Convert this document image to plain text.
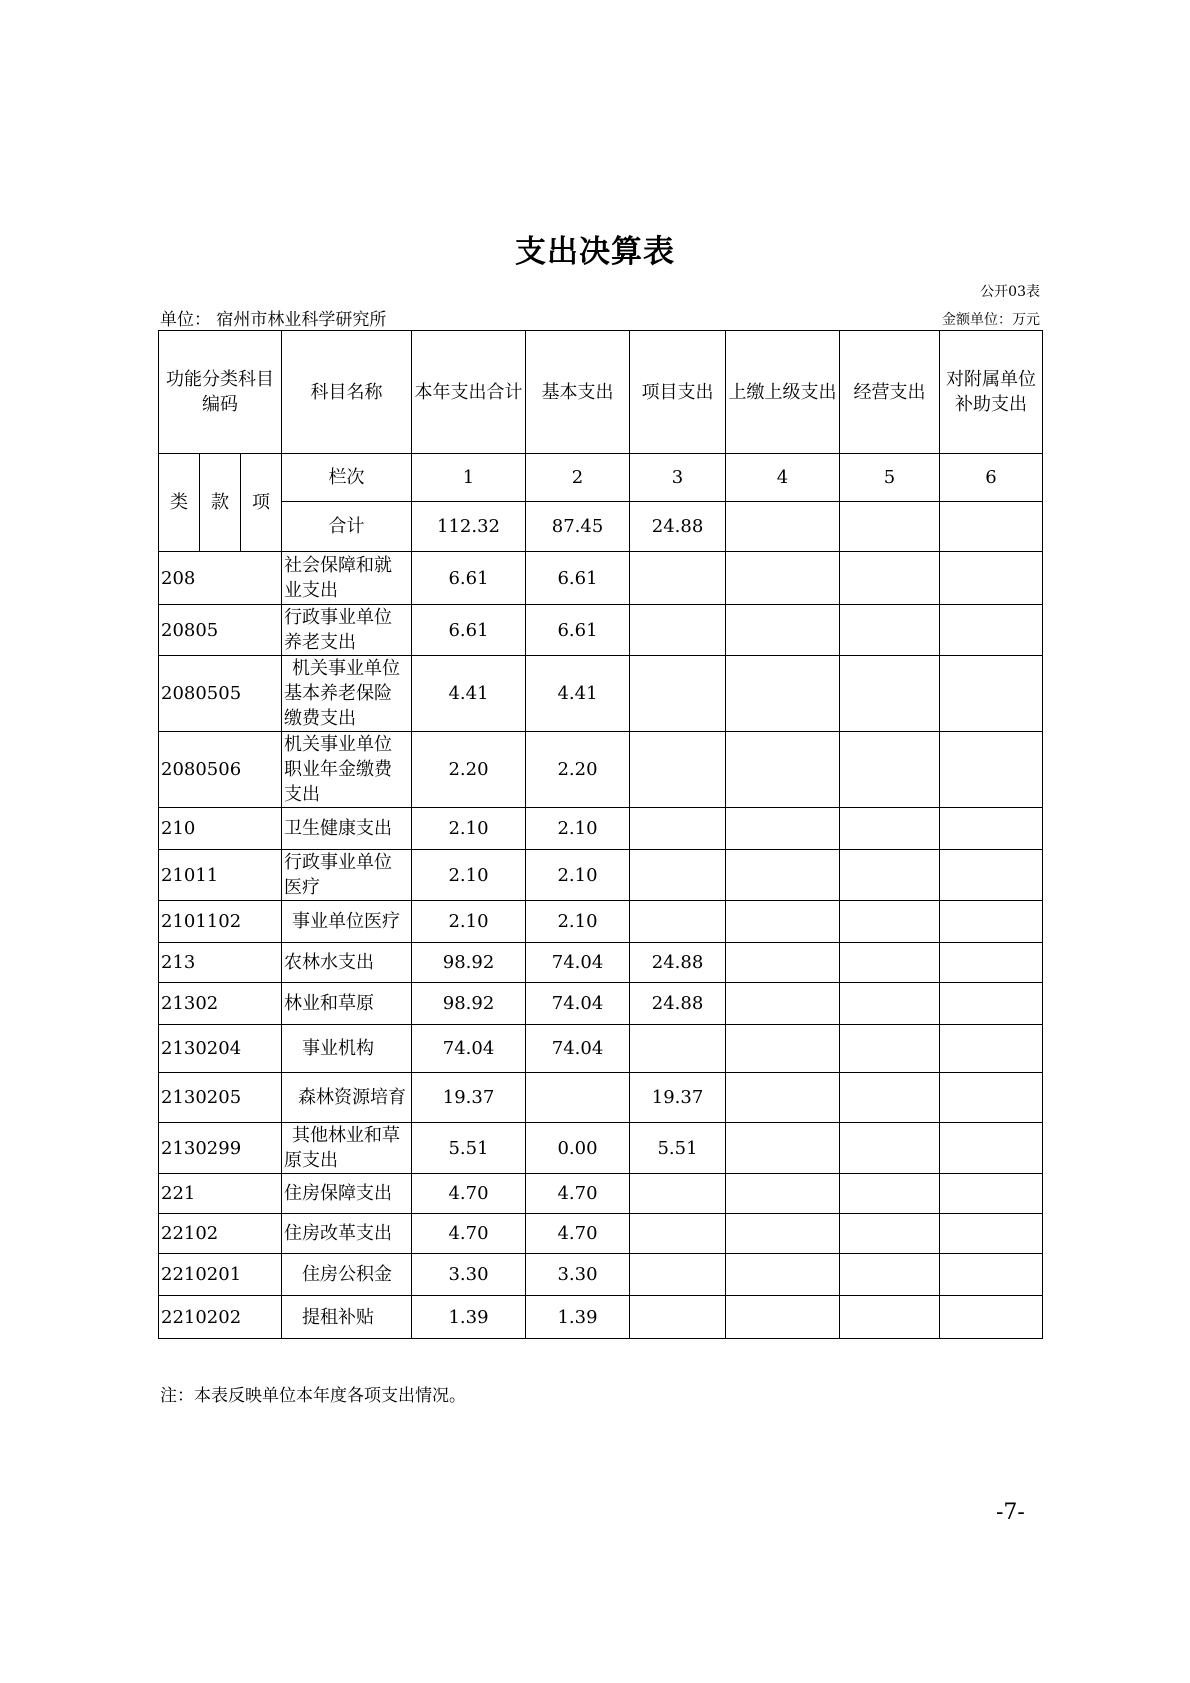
支出决算表
公开03表
单位： 宿州市林业科学研究所	金额单位：万元
功能分类科目编码			科目名称	本年支出合计	基本支出	项目支出	上缴上级支出	经营支出	对附属单位补助支出
类	款	项	栏次	1	2	3	4	5	6
			合计	112.32	87.45	24.88			
208			社会保障和就业支出	6.61	6.61				
20805			行政事业单位养老支出	6.61	6.61				
2080505			机关事业单位基本养老保险缴费支出	4.41	4.41				
2080506			机关事业单位职业年金缴费支出	2.20	2.20				
210			卫生健康支出	2.10	2.10				
21011			行政事业单位医疗	2.10	2.10				
2101102			事业单位医疗	2.10	2.10				
213			农林水支出	98.92	74.04	24.88			
21302			林业和草原	98.92	74.04	24.88			
2130204			事业机构	74.04	74.04				
2130205			森林资源培育	19.37		19.37			
2130299			其他林业和草原支出	5.51	0.00	5.51			
221			住房保障支出	4.70	4.70				
22102			住房改革支出	4.70	4.70				
2210201			住房公积金	3.30	3.30				
2210202			提租补贴	1.39	1.39				
注：本表反映单位本年度各项支出情况。
-7-
